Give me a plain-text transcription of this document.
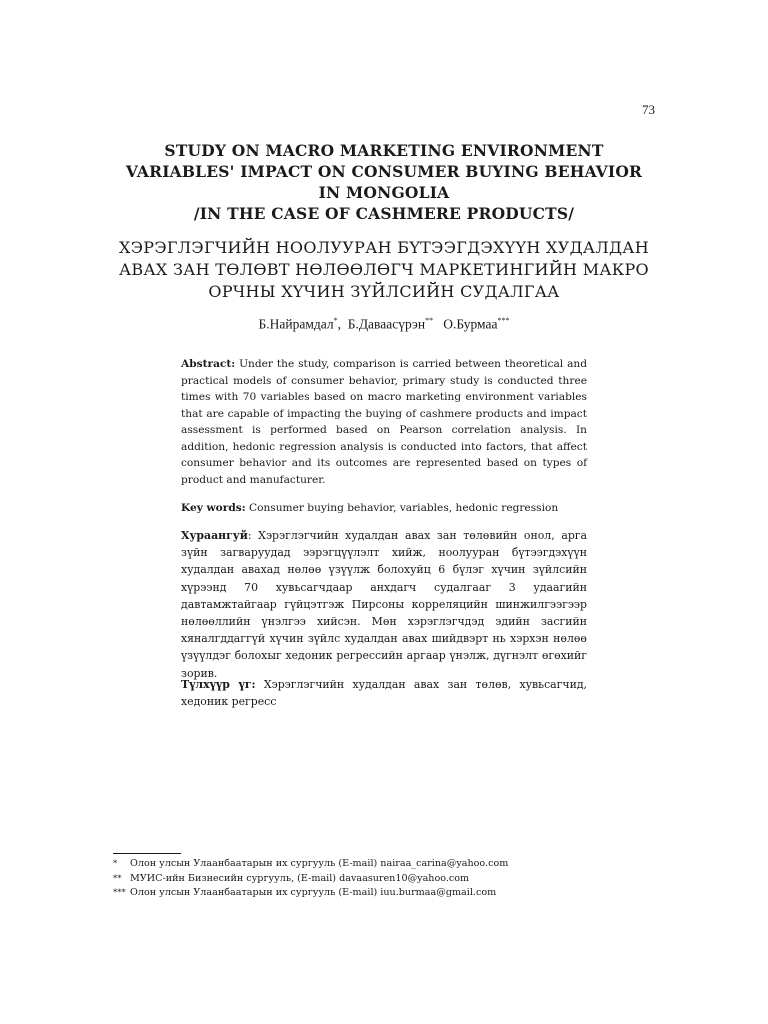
73
STUDY ON MACRO MARKETING ENVIRONMENT
VARIABLES' IMPACT ON CONSUMER BUYING BEHAVIOR
IN MONGOLIA
/IN THE CASE OF CASHMERE PRODUCTS/
ХЭРЭГЛЭГЧИЙН НООЛУУРАН БҮТЭЭГДЭХҮҮН ХУДАЛДАН
АВАХ ЗАН ТӨЛӨВТ НӨЛӨӨЛӨГЧ МАРКЕТИНГИЙН МАКРО
ОРЧНЫ ХҮЧИН ЗҮЙЛСИЙН СУДАЛГАА
Б.Найрамдал*,  Б.Даваасүрэн** О.Бурмаа***
Abstract: Under the study, comparison is carried between theoretical and practical models of consumer behavior, primary study is conducted three times with 70 variables based on macro marketing environment variables that are capable of impacting the buying of cashmere products and impact assessment is performed based on Pearson correlation analysis. In addition, hedonic regression analysis is conducted into factors, that affect consumer behavior and its outcomes are represented based on types of product and manufacturer.
Key words: Consumer buying behavior, variables, hedonic regression
Хураангуй: Хэрэглэгчийн худалдан авах зан төлөвийн онол, арга зүйн загваруудад ээрэгцүүлэлт хийж, ноолууран бүтээгдэхүүн худалдан авахад нөлөө үзүүлж болохуйц 6 бүлэг хүчин зүйлсийн хүрээнд 70 хувьсагчдаар анхдагч судалгааг 3 удаагийн давтамжтайгаар гүйцэтгэж Пирсоны корреляцийн шинжилгээгээр нөлөөллийн үнэлгээ хийсэн. Мөн хэрэглэгчдэд эдийн засгийн хяналгддаггүй хүчин зүйлс худалдан авах шийдвэрт нь хэрхэн нөлөө үзүүлдэг болохыг хедоник регрессийн аргаар үнэлж, дүгнэлт өгөхийг зорив.
Түлхүүр үг: Хэрэглэгчийн худалдан авах зан төлөв, хувьсагчид, хедоник регресс
*	Олон улсын Улаанбаатарын их сургууль (E-mail) nairaa_carina@yahoo.com
** МУИС-ийн Бизнесийн сургууль, (E-mail) davaasuren10@yahoo.com
*** Олон улсын Улаанбаатарын их сургууль (E-mail) iuu.burmaa@gmail.com
